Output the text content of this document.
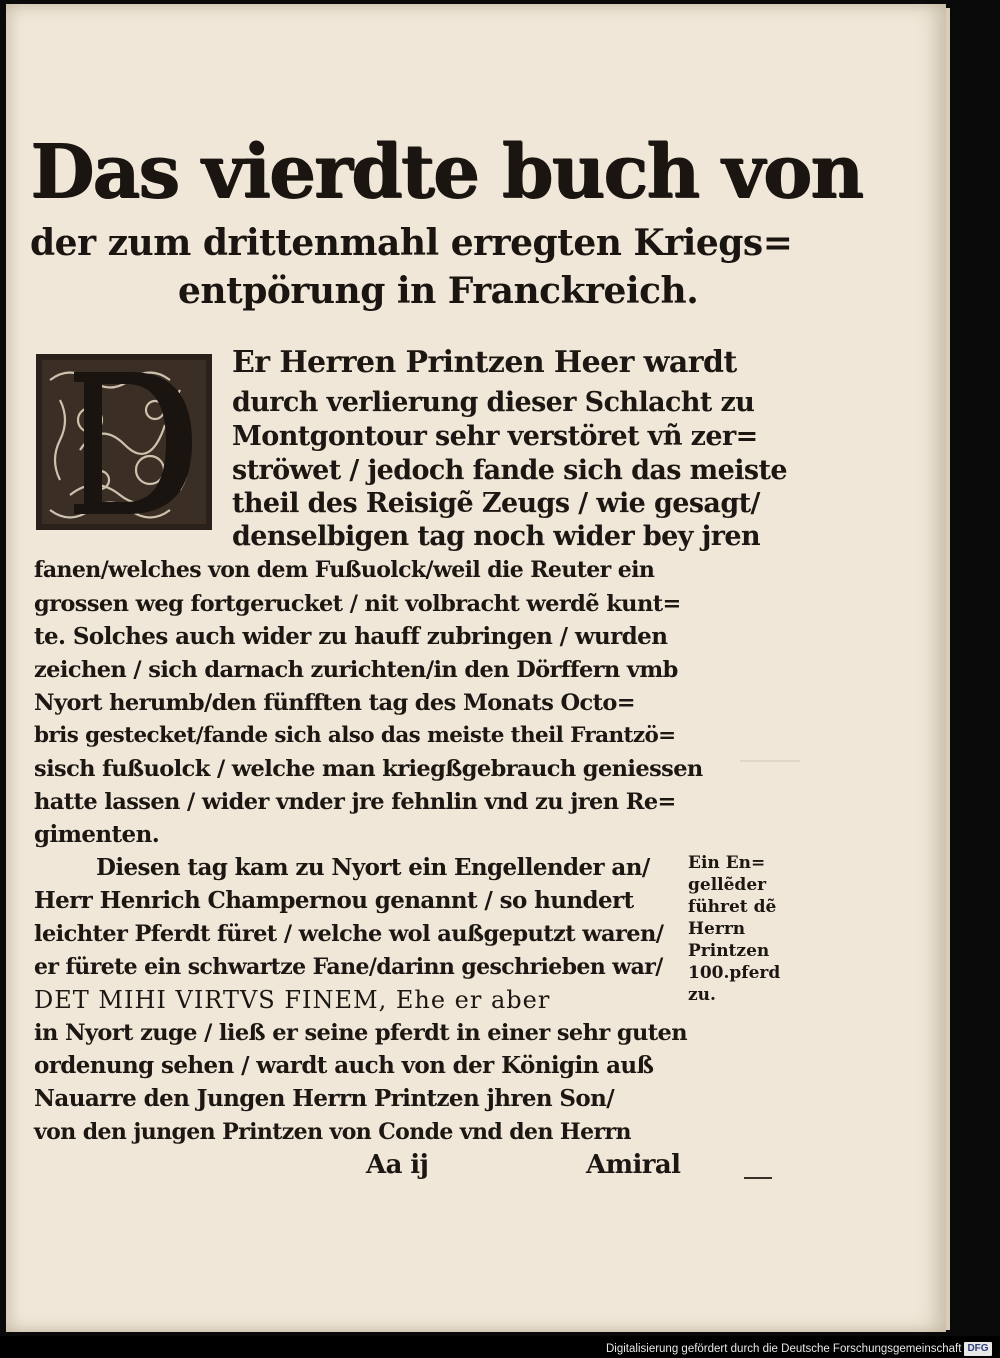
Das vierdte buch von
der zum drittenmahl erregten Kriegs=
entpörung in Franckreich.
D	Er Herren Printzen Heer wardt
durch verlierung dieser Schlacht zu
Montgontour sehr verstöret vñ zer=
ströwet / jedoch fande sich das meiste
theil des Reisigẽ Zeugs / wie gesagt/
denselbigen tag noch wider bey jren
fanen/welches von dem Fußuolck/weil die Reuter ein
grossen weg fortgerucket / nit volbracht werdẽ kunt=
te. Solches auch wider zu hauff zubringen / wurden
zeichen / sich darnach zurichten/in den Dörffern vmb
Nyort herumb/den fünfften tag des Monats Octo=
bris gestecket/fande sich also das meiste theil Frantzö=
sisch fußuolck / welche man kriegßgebrauch geniessen
hatte lassen / wider vnder jre fehnlin vnd zu jren Re=
gimenten.
Diesen tag kam zu Nyort ein Engellender an/
Herr Henrich Champernou genannt / so hundert
leichter Pferdt füret / welche wol außgeputzt waren/
er fürete ein schwartze Fane/darinn geschrieben war/
DET MIHI VIRTVS FINEM, Ehe er aber
in Nyort zuge / ließ er seine pferdt in einer sehr guten
ordenung sehen / wardt auch von der Königin auß
Nauarre den Jungen Herrn Printzen jhren Son/
von den jungen Printzen von Conde vnd den Herrn
Aa ij	Amiral
Ein En=
gellẽder
führet dẽ
Herrn
Printzen
100.pferd
zu.
Digitalisierung gefördert durch die Deutsche Forschungsgemeinschaft DFG
